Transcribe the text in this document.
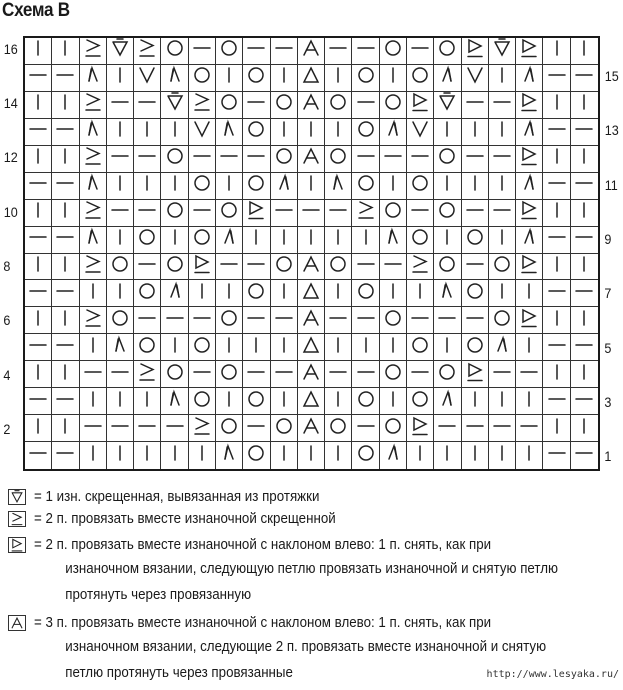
Схема В
16
15
14
13
12
11
10
9
8
7
6
5
4
3
2
1
= 1 изн. скрещенная, вывязанная из протяжки
= 2 п. провязать вместе изнаночной скрещенной
= 2 п. провязать вместе изнаночной с наклоном влево: 1 п. снять, как при
изнаночном вязании, следующую петлю провязать изнаночной и снятую петлю
протянуть через провязанную
= 3 п. провязать вместе изнаночной с наклоном влево: 1 п. снять, как при
изнаночном вязании, следующие 2 п. провязать вместе изнаночной и снятую
петлю протянуть через провязанные	http://www.lesyaka.ru/
